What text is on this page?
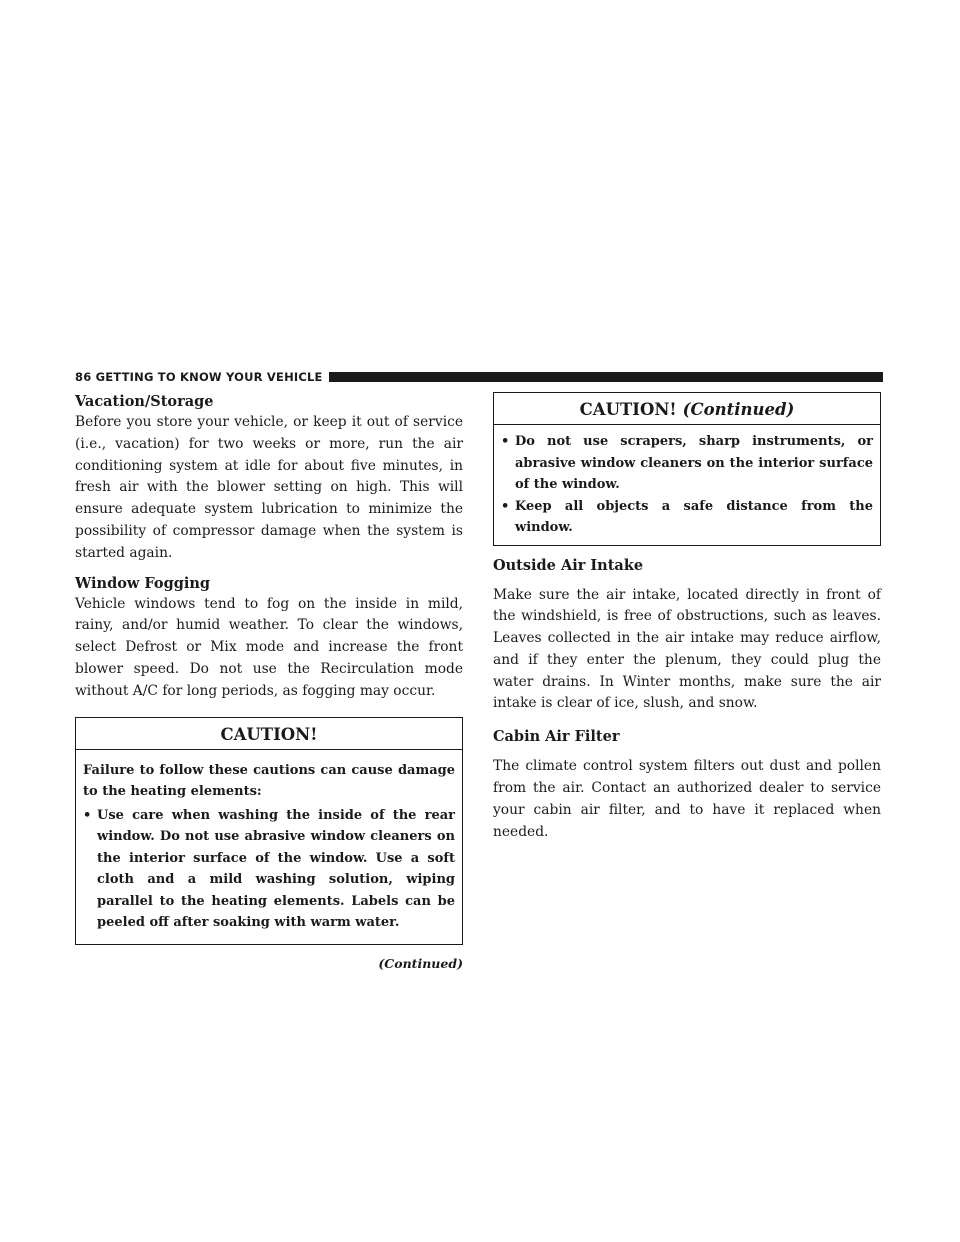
86 GETTING TO KNOW YOUR VEHICLE
Vacation/Storage

Before you store your vehicle, or keep it out of service (i.e., vacation) for two weeks or more, run the air conditioning system at idle for about five minutes, in fresh air with the blower setting on high. This will ensure adequate system lubrication to minimize the possibility of compressor damage when the system is started again.

Window Fogging

Vehicle windows tend to fog on the inside in mild, rainy, and/or humid weather. To clear the windows, select Defrost or Mix mode and increase the front blower speed. Do not use the Recirculation mode without A/C for long periods, as fogging may occur.

CAUTION!

Failure to follow these cautions can cause damage to the heating elements:

• Use care when washing the inside of the rear window. Do not use abrasive window cleaners on the interior surface of the window. Use a soft cloth and a mild washing solution, wiping parallel to the heating elements. Labels can be peeled off after soaking with warm water.
(Continued)
CAUTION! (Continued)
• Do not use scrapers, sharp instruments, or abrasive window cleaners on the interior surface of the window.
• Keep all objects a safe distance from the window.
Outside Air Intake

Make sure the air intake, located directly in front of the windshield, is free of obstructions, such as leaves. Leaves collected in the air intake may reduce airflow, and if they enter the plenum, they could plug the water drains. In Winter months, make sure the air intake is clear of ice, slush, and snow.

Cabin Air Filter

The climate control system filters out dust and pollen from the air. Contact an authorized dealer to service your cabin air filter, and to have it replaced when needed.
